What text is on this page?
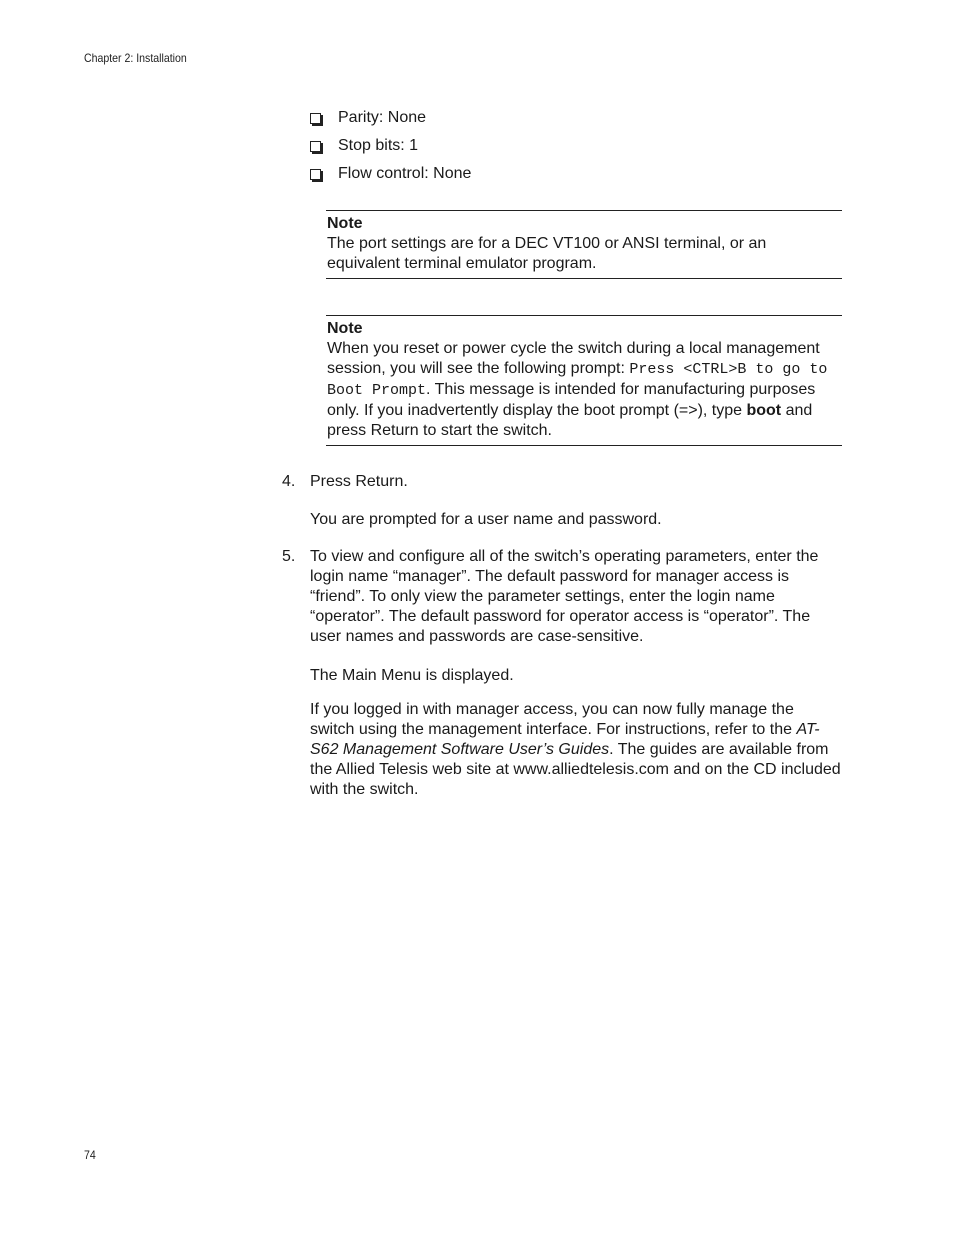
Chapter 2: Installation
Parity: None
Stop bits: 1
Flow control: None
Note

The port settings are for a DEC VT100 or ANSI terminal, or an equivalent terminal emulator program.

Note

When you reset or power cycle the switch during a local management session, you will see the following prompt: Press <CTRL>B to go to Boot Prompt. This message is intended for manufacturing purposes only. If you inadvertently display the boot prompt (=>), type boot and press Return to start the switch.

4. Press Return.

You are prompted for a user name and password.

5. To view and configure all of the switch’s operating parameters, enter the login name “manager”. The default password for manager access is “friend”. To only view the parameter settings, enter the login name “operator”. The default password for operator access is “operator”. The user names and passwords are case-sensitive.

The Main Menu is displayed.

If you logged in with manager access, you can now fully manage the switch using the management interface. For instructions, refer to the AT-S62 Management Software User’s Guides. The guides are available from the Allied Telesis web site at www.alliedtelesis.com and on the CD included with the switch.

74
